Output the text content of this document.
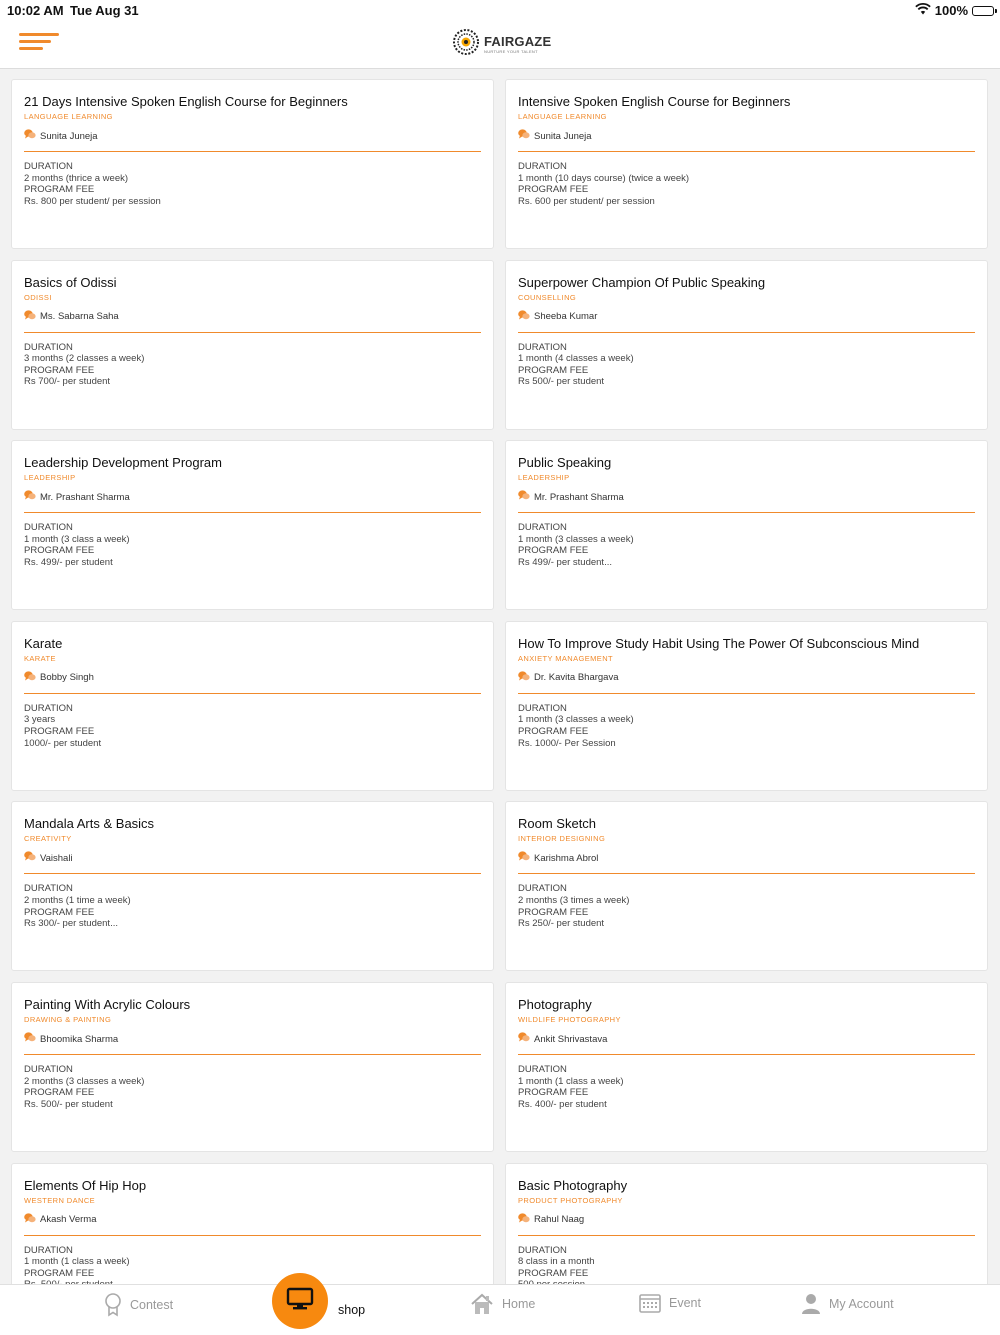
10:02 AM Tue Aug 31	100%
FAIRGAZE
NURTURE YOUR TALENT
21 Days Intensive Spoken English Course for Beginners
LANGUAGE LEARNING
Sunita Juneja
DURATION
2 months (thrice a week)
PROGRAM FEE
Rs. 800 per student/ per session
Intensive Spoken English Course for Beginners
LANGUAGE LEARNING
Sunita Juneja
DURATION
1 month (10 days course) (twice a week)
PROGRAM FEE
Rs. 600 per student/ per session
Basics of Odissi
ODISSI
Ms. Sabarna Saha
DURATION
3 months (2 classes a week)
PROGRAM FEE
Rs 700/- per student
Superpower Champion Of Public Speaking
COUNSELLING
Sheeba Kumar
DURATION
1 month (4 classes a week)
PROGRAM FEE
Rs 500/- per student
Leadership Development Program
LEADERSHIP
Mr. Prashant Sharma
DURATION
1 month (3 class a week)
PROGRAM FEE
Rs. 499/- per student
Public Speaking
LEADERSHIP
Mr. Prashant Sharma
DURATION
1 month (3 classes a week)
PROGRAM FEE
Rs 499/- per student...
Karate
KARATE
Bobby Singh
DURATION
3 years
PROGRAM FEE
1000/- per student
How To Improve Study Habit Using The Power Of Subconscious Mind
ANXIETY MANAGEMENT
Dr. Kavita Bhargava
DURATION
1 month (3 classes a week)
PROGRAM FEE
Rs. 1000/- Per Session
Mandala Arts & Basics
CREATIVITY
Vaishali
DURATION
2 months (1 time a week)
PROGRAM FEE
Rs 300/- per student...
Room Sketch
INTERIOR DESIGNING
Karishma Abrol
DURATION
2 months (3 times a week)
PROGRAM FEE
Rs 250/- per student
Painting With Acrylic Colours
DRAWING & PAINTING
Bhoomika Sharma
DURATION
2 months (3 classes a week)
PROGRAM FEE
Rs. 500/- per student
Photography
WILDLIFE PHOTOGRAPHY
Ankit Shrivastava
DURATION
1 month (1 class a week)
PROGRAM FEE
Rs. 400/- per student
Elements Of Hip Hop
WESTERN DANCE
Akash Verma
DURATION
1 month (1 class a week)
PROGRAM FEE
Basic Photography
PRODUCT PHOTOGRAPHY
Rahul Naag
DURATION
8 class in a month
PROGRAM FEE
Contest	shop	Home	Event	My Account
